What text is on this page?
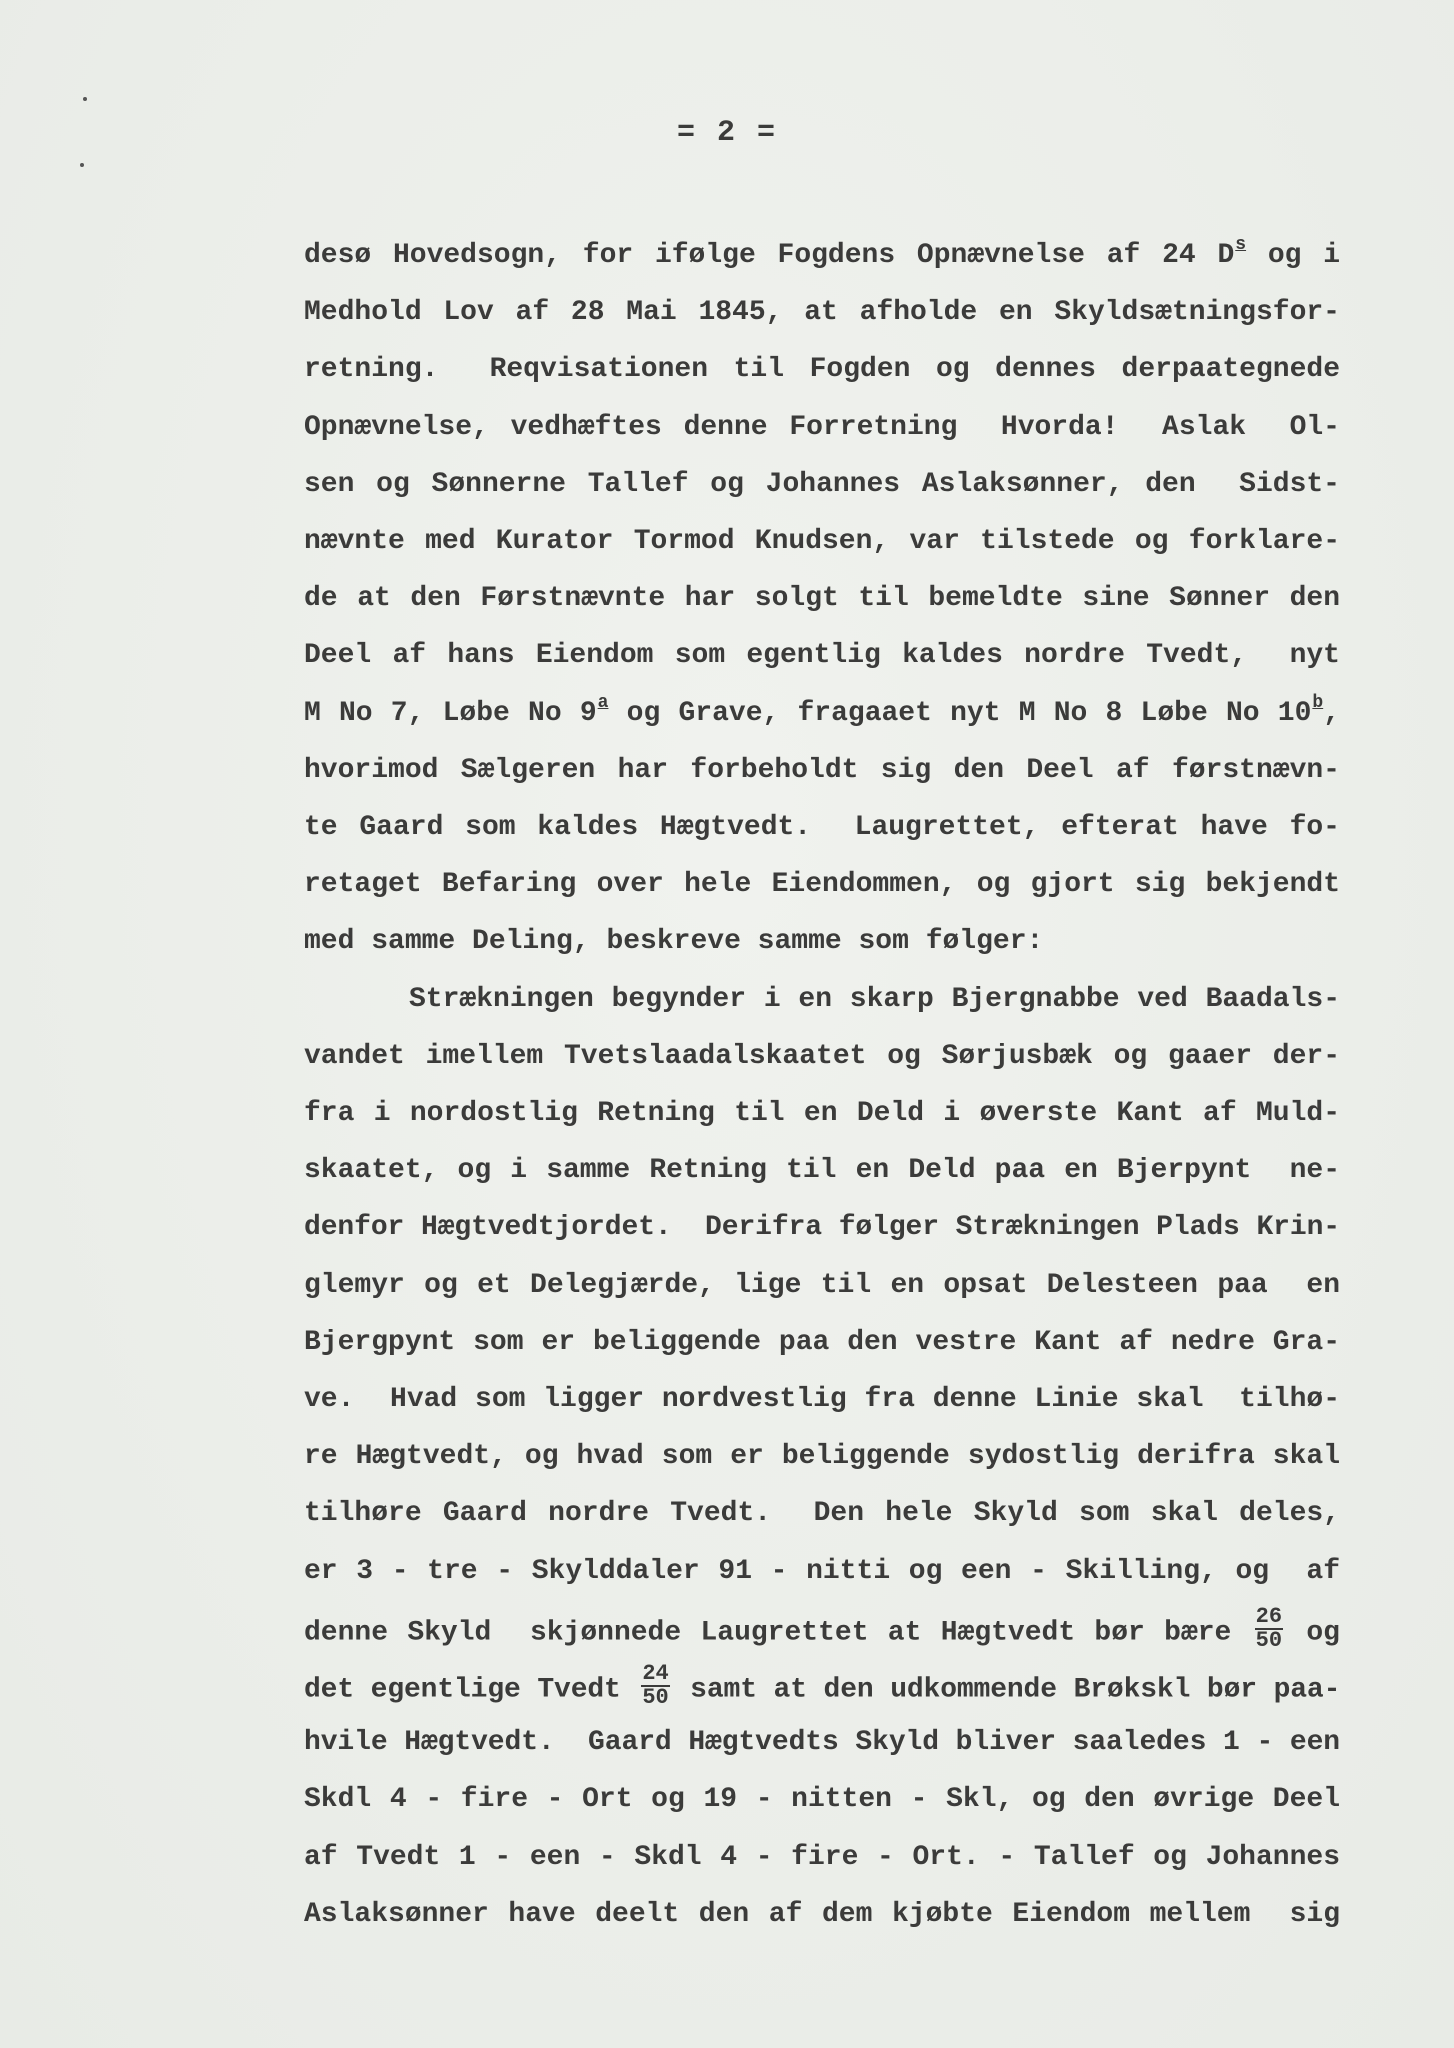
= 2 =
desø Hovedsogn, for ifølge Fogdens Opnævnelse af 24 $D^s$ og i
Medhold Lov af 28 Mai 1845, at afholde en Skyldsætningsfor-
retning.  Reqvisationen til Fogden og dennes derpaategnede
Opnævnelse, vedhæftes denne Forretning  Hvorda!  Aslak  Ol-
sen og Sønnerne Tallef og Johannes Aslaksønner, den  Sidst-
nævnte med Kurator Tormod Knudsen, var tilstede og forklare-
de at den Førstnævnte har solgt til bemeldte sine Sønner den
Deel af hans Eiendom som egentlig kaldes nordre Tvedt,  nyt
M No 7, Løbe No 9$^a$ og Grave, fragaaet nyt M No 8 Løbe No 10$^b$,
hvorimod Sælgeren har forbeholdt sig den Deel af førstnævn-
te Gaard som kaldes Hægtvedt.  Laugrettet, efterat have fo-
retaget Befaring over hele Eiendommen, og gjort sig bekjendt
med samme Deling, beskreve samme som følger:
Strækningen begynder i en skarp Bjergnabbe ved Baadals-
vandet imellem Tvetslaadalskaatet og Sørjusbæk og gaaer der-
fra i nordostlig Retning til en Deld i øverste Kant af Muld-
skaatet, og i samme Retning til en Deld paa en Bjerpynt  ne-
denfor Hægtvedtjordet.  Derifra følger Strækningen Plads Krin-
glemyr og et Delegjærde, lige til en opsat Delesteen paa  en
Bjergpynt som er beliggende paa den vestre Kant af nedre Gra-
ve.  Hvad som ligger nordvestlig fra denne Linie skal  tilhø-
re Hægtvedt, og hvad som er beliggende sydostlig derifra skal
tilhøre Gaard nordre Tvedt.  Den hele Skyld som skal deles,
er 3 - tre - Skylddaler 91 - nitti og een - Skilling, og  af
denne Skyld  skjønnede Laugrettet at Hægtvedt bør bære $\frac{26}{50}$ og
det egentlige Tvedt $\frac{24}{50}$ samt at den udkommende Brøkskl bør paa-
hvile Hægtvedt.  Gaard Hægtvedts Skyld bliver saaledes 1 - een
Skdl 4 - fire - Ort og 19 - nitten - Skl, og den øvrige Deel
af Tvedt 1 - een - Skdl 4 - fire - Ort. - Tallef og Johannes
Aslaksønner have deelt den af dem kjøbte Eiendom mellem  sig
